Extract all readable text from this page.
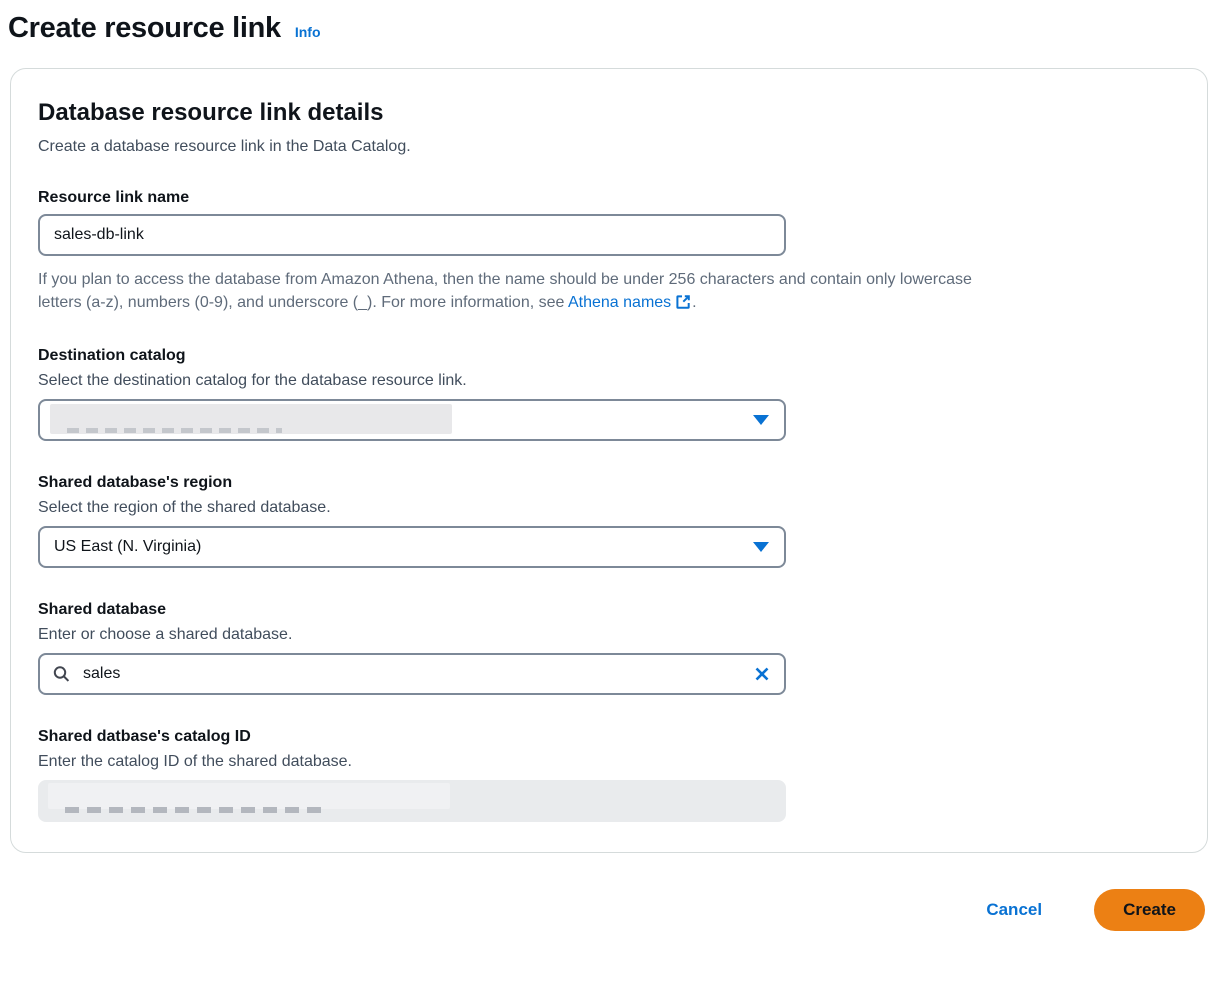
Create resource link Info
Database resource link details

Create a database resource link in the Data Catalog.

Resource link name
sales-db-link
If you plan to access the database from Amazon Athena, then the name should be under 256 characters and contain only lowercase
letters (a-z), numbers (0-9), and underscore (_). For more information, see Athena names .
Destination catalog
Select the destination catalog for the database resource link.
Shared database's region
Select the region of the shared database.
US East (N. Virginia)
Shared database
Enter or choose a shared database.
sales
Shared datbase's catalog ID
Enter the catalog ID of the shared database.
Cancel	Create
